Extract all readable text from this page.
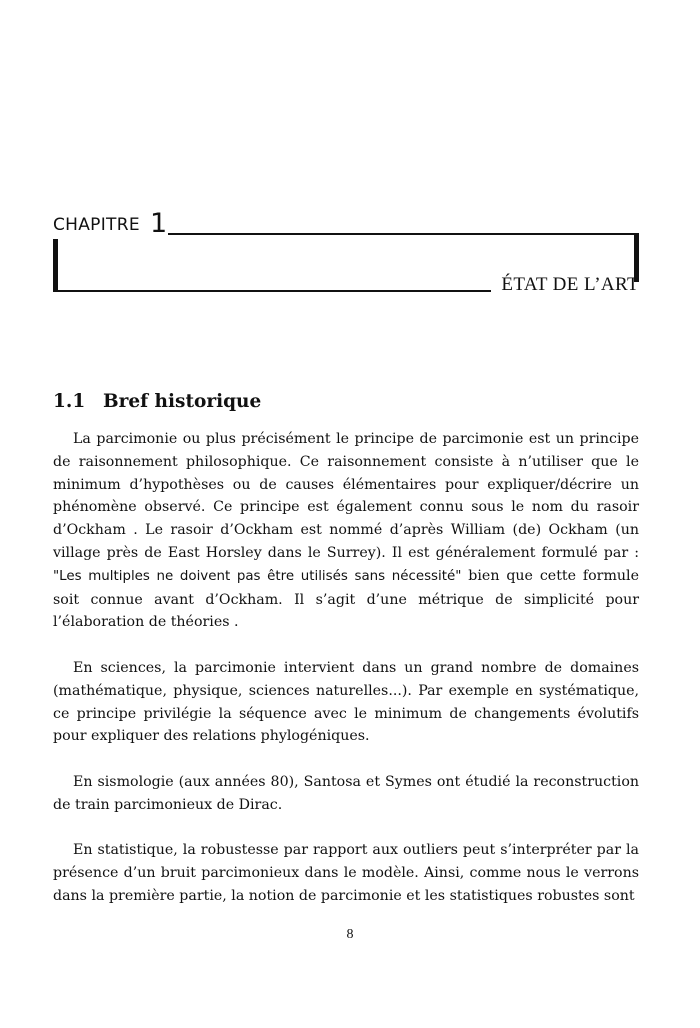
CHAPITRE 1
ÉTAT DE L’ART
1.1 Bref historique

La parcimonie ou plus précisément le principe de parcimonie est un principe de raisonnement philosophique. Ce raisonnement consiste à n’utiliser que le minimum d’hypothèses ou de causes élémentaires pour expliquer/décrire un phénomène observé. Ce principe est également connu sous le nom du rasoir d’Ockham . Le rasoir d’Ockham est nommé d’après William (de) Ockham (un village près de East Horsley dans le Surrey). Il est généralement formulé par : "Les multiples ne doivent pas être utilisés sans nécessité" bien que cette formule soit connue avant d’Ockham. Il s’agit d’une métrique de simplicité pour l’élaboration de théories .

En sciences, la parcimonie intervient dans un grand nombre de domaines (mathématique, physique, sciences naturelles...). Par exemple en systématique, ce principe privilégie la séquence avec le minimum de changements évolutifs pour expliquer des relations phylogéniques.

En sismologie (aux années 80), Santosa et Symes ont étudié la reconstruction de train parcimonieux de Dirac.

En statistique, la robustesse par rapport aux outliers peut s’interpréter par la présence d’un bruit parcimonieux dans le modèle. Ainsi, comme nous le verrons dans la première partie, la notion de parcimonie et les statistiques robustes sont

8
